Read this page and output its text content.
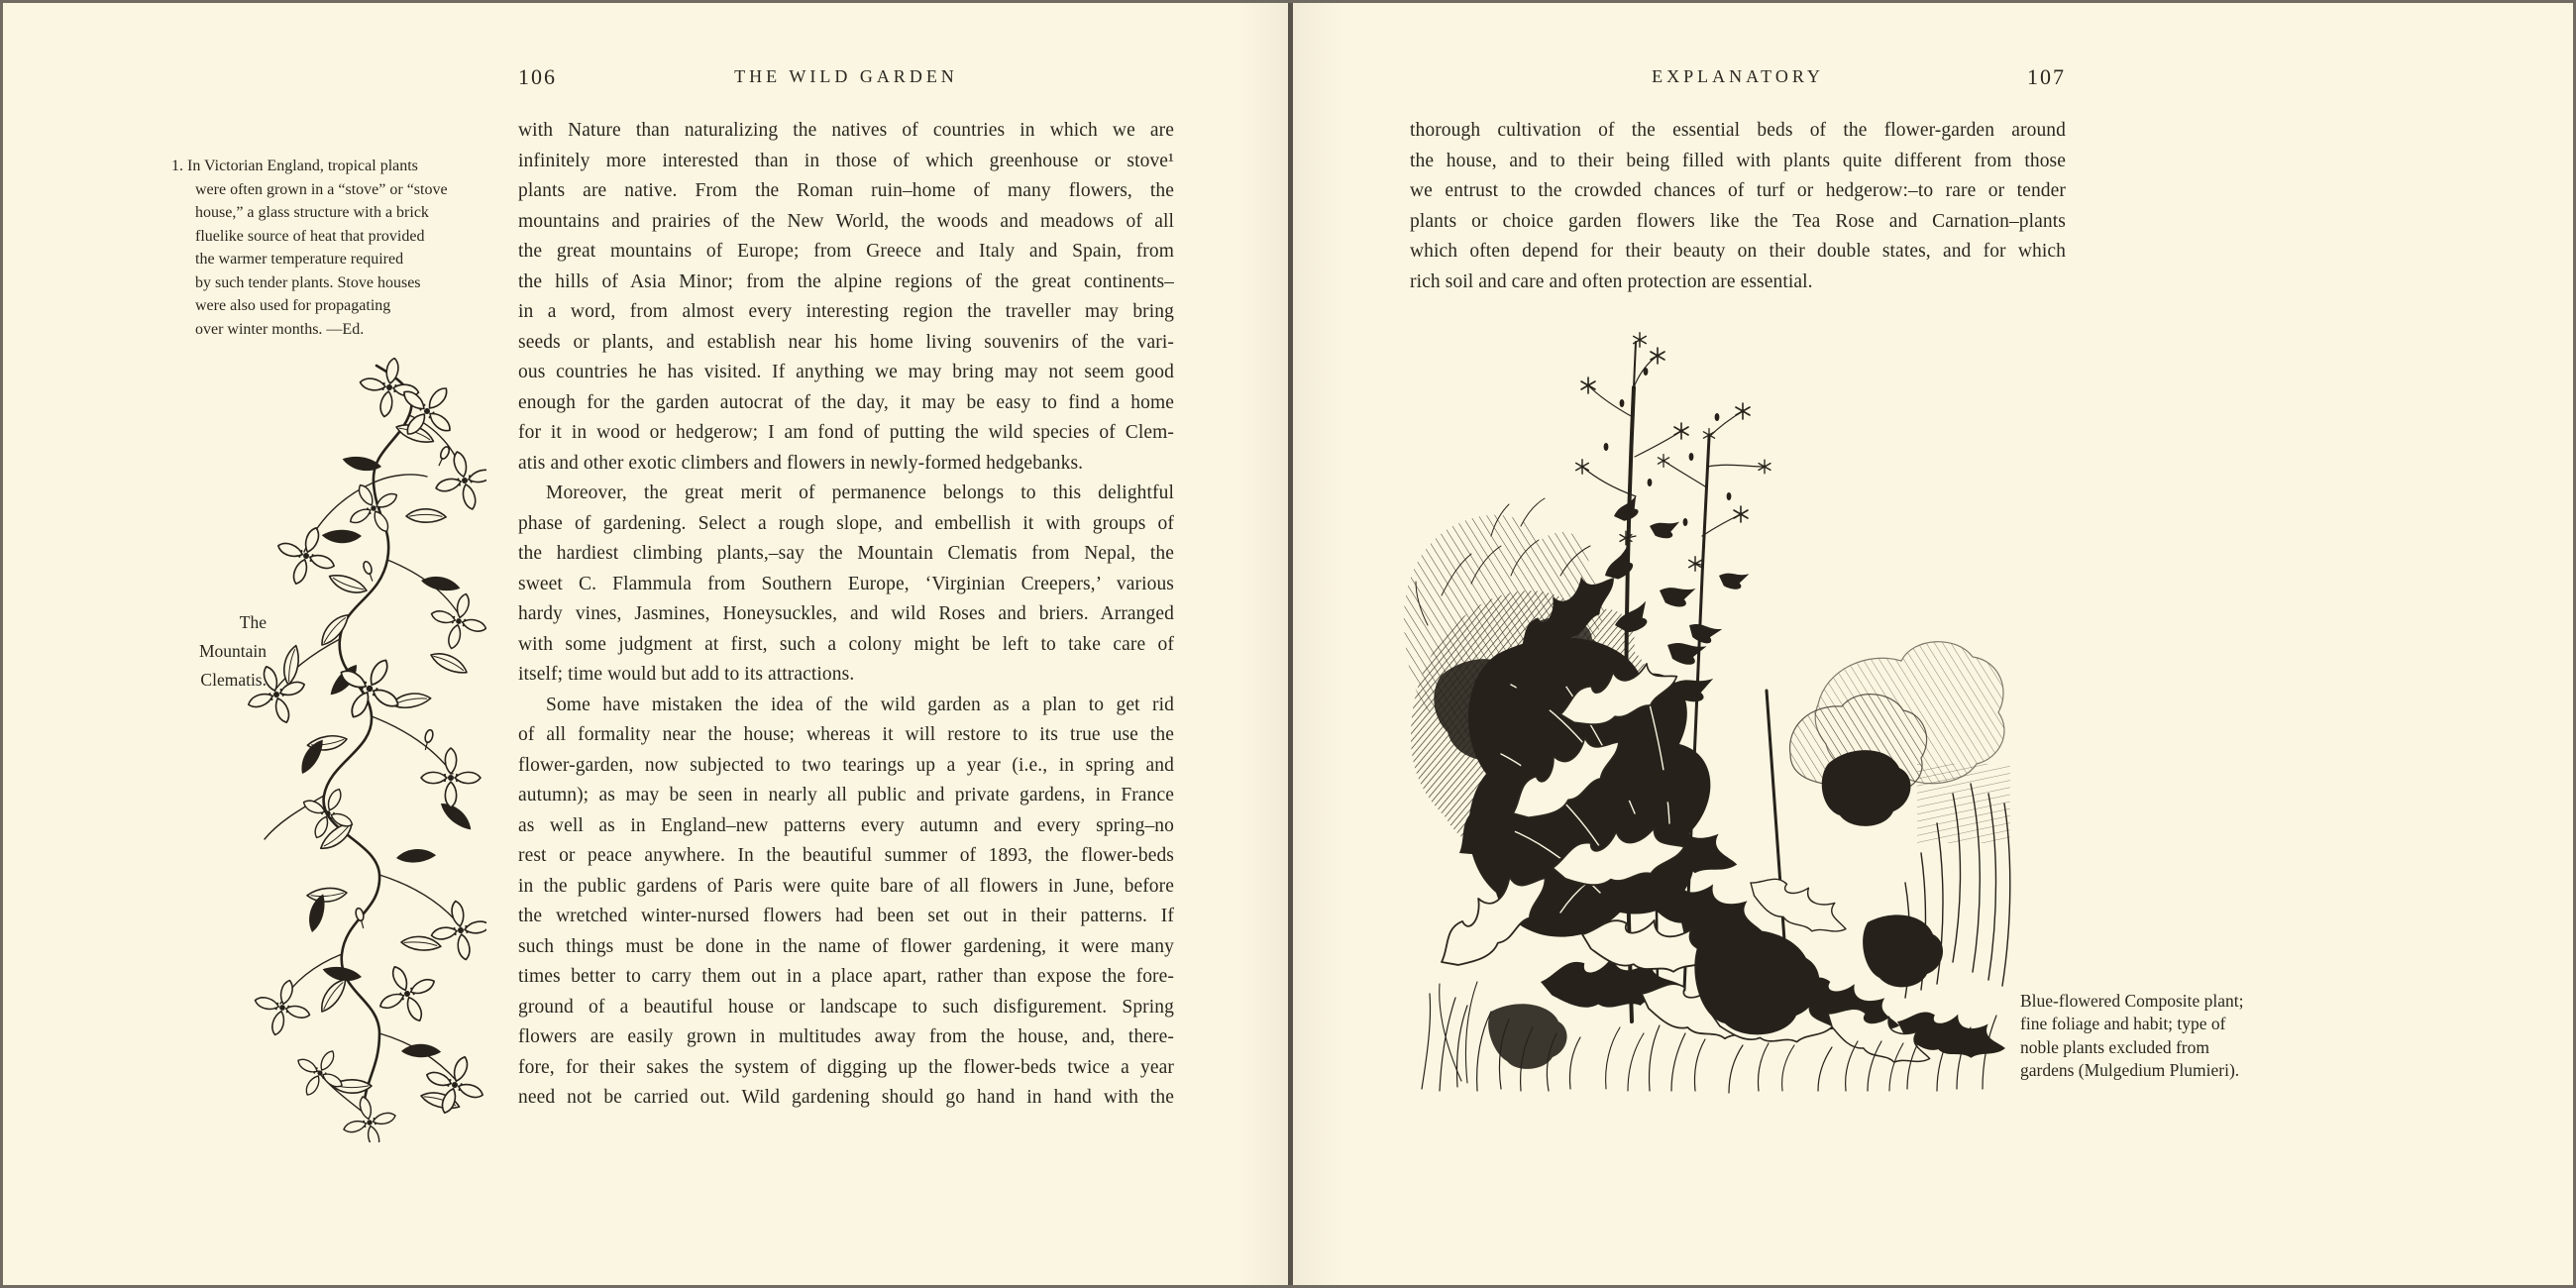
106	THE WILD GARDEN
1. In Victorian England, tropical plants
were often grown in a “stove” or “stove
house,” a glass structure with a brick
fluelike source of heat that provided
the warmer temperature required
by such tender plants. Stove houses
were also used for propagating
over winter months. —Ed.
The
Mountain
Clematis.
with Nature than naturalizing the natives of countries in which we are
infinitely more interested than in those of which greenhouse or stove¹
plants are native. From the Roman ruin–home of many flowers, the
mountains and prairies of the New World, the woods and meadows of all
the great mountains of Europe; from Greece and Italy and Spain, from
the hills of Asia Minor; from the alpine regions of the great continents–
in a word, from almost every interesting region the traveller may bring
seeds or plants, and establish near his home living souvenirs of the vari-
ous countries he has visited. If anything we may bring may not seem good
enough for the garden autocrat of the day, it may be easy to find a home
for it in wood or hedgerow; I am fond of putting the wild species of Clem-
atis and other exotic climbers and flowers in newly-formed hedgebanks.
Moreover, the great merit of permanence belongs to this delightful
phase of gardening. Select a rough slope, and embellish it with groups of
the hardiest climbing plants,–say the Mountain Clematis from Nepal, the
sweet C. Flammula from Southern Europe, ‘Virginian Creepers,’ various
hardy vines, Jasmines, Honeysuckles, and wild Roses and briers. Arranged
with some judgment at first, such a colony might be left to take care of
itself; time would but add to its attractions.
Some have mistaken the idea of the wild garden as a plan to get rid
of all formality near the house; whereas it will restore to its true use the
flower-garden, now subjected to two tearings up a year (i.e., in spring and
autumn); as may be seen in nearly all public and private gardens, in France
as well as in England–new patterns every autumn and every spring–no
rest or peace anywhere. In the beautiful summer of 1893, the flower-beds
in the public gardens of Paris were quite bare of all flowers in June, before
the wretched winter-nursed flowers had been set out in their patterns. If
such things must be done in the name of flower gardening, it were many
times better to carry them out in a place apart, rather than expose the fore-
ground of a beautiful house or landscape to such disfigurement. Spring
flowers are easily grown in multitudes away from the house, and, there-
fore, for their sakes the system of digging up the flower-beds twice a year
need not be carried out. Wild gardening should go hand in hand with the
EXPLANATORY	107
thorough cultivation of the essential beds of the flower-garden around
the house, and to their being filled with plants quite different from those
we entrust to the crowded chances of turf or hedgerow:–to rare or tender
plants or choice garden flowers like the Tea Rose and Carnation–plants
which often depend for their beauty on their double states, and for which
rich soil and care and often protection are essential.
Blue-flowered Composite plant;
fine foliage and habit; type of
noble plants excluded from
gardens (Mulgedium Plumieri).
